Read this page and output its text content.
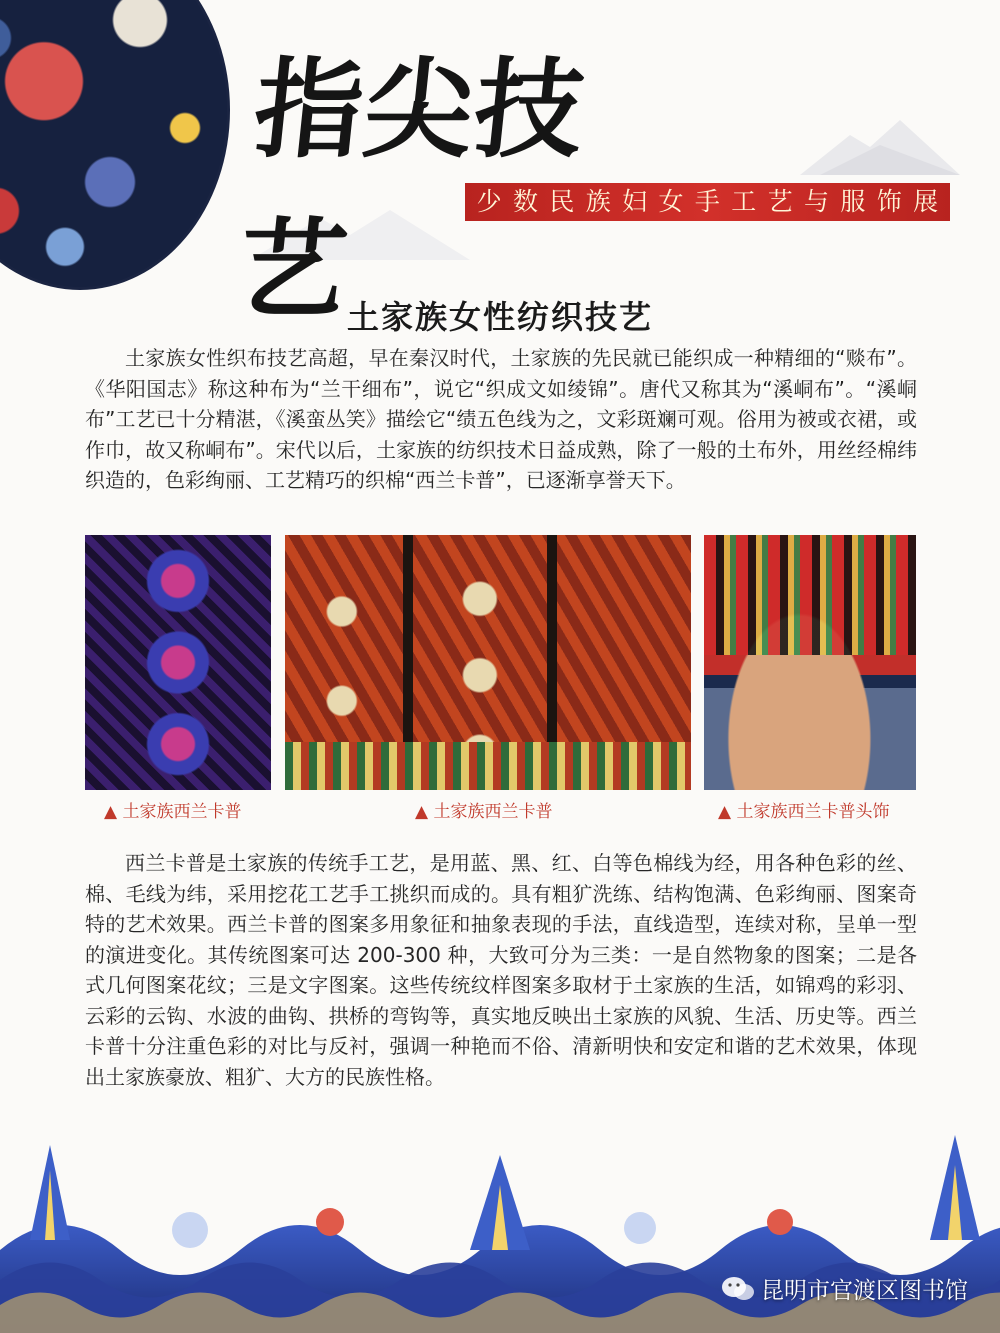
指尖技艺
少 数 民 族 妇 女 手 工 艺 与 服 饰 展
土家族女性纺织技艺
土家族女性织布技艺高超，早在秦汉时代，土家族的先民就已能织成一种精细的“赕布”。《华阳国志》称这种布为“兰干细布”，说它“织成文如绫锦”。唐代又称其为“溪峒布”。“溪峒布”工艺已十分精湛，《溪蛮丛笑》描绘它“绩五色线为之，文彩斑斓可观。俗用为被或衣裙，或作巾，故又称峒布”。宋代以后，土家族的纺织技术日益成熟，除了一般的土布外，用丝经棉纬织造的，色彩绚丽、工艺精巧的织棉“西兰卡普”，已逐渐享誉天下。
▲ 土家族西兰卡普	▲ 土家族西兰卡普	▲ 土家族西兰卡普头饰
西兰卡普是土家族的传统手工艺，是用蓝、黑、红、白等色棉线为经，用各种色彩的丝、棉、毛线为纬，采用挖花工艺手工挑织而成的。具有粗犷洗练、结构饱满、色彩绚丽、图案奇特的艺术效果。西兰卡普的图案多用象征和抽象表现的手法，直线造型，连续对称，呈单一型的演进变化。其传统图案可达 200-300 种，大致可分为三类：一是自然物象的图案；二是各式几何图案花纹；三是文字图案。这些传统纹样图案多取材于土家族的生活，如锦鸡的彩羽、云彩的云钩、水波的曲钩、拱桥的弯钩等，真实地反映出土家族的风貌、生活、历史等。西兰卡普十分注重色彩的对比与反衬，强调一种艳而不俗、清新明快和安定和谐的艺术效果，体现出土家族豪放、粗犷、大方的民族性格。
昆明市官渡区图书馆
